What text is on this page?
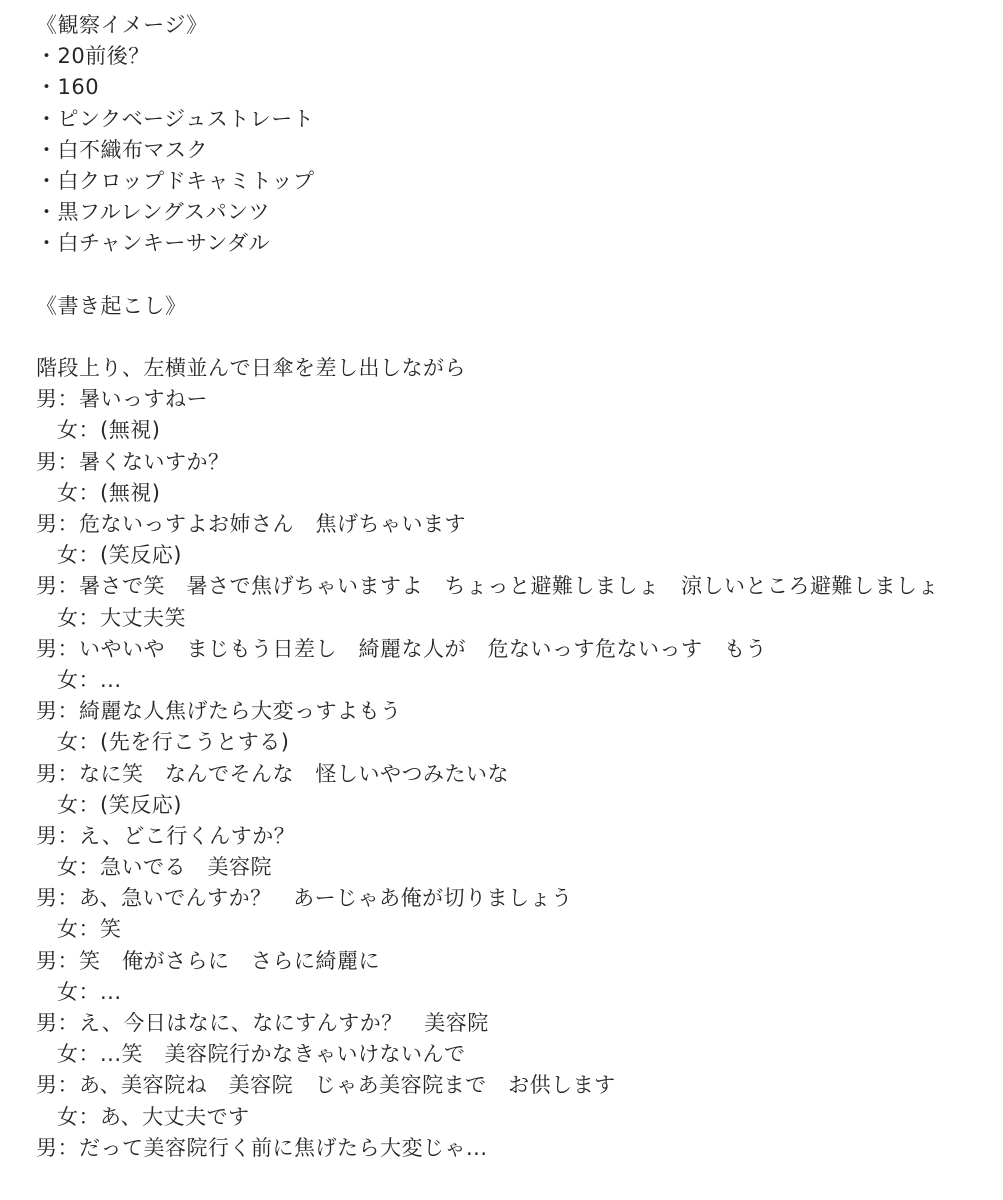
《観察イメージ》
・20前後？
・160
・ピンクベージュストレート
・白不織布マスク
・白クロップドキャミトップ
・黒フルレングスパンツ
・白チャンキーサンダル
《書き起こし》
階段上り、左横並んで日傘を差し出しながら
男：暑いっすねー
女：(無視)
男：暑くないすか？
女：(無視)
男：危ないっすよお姉さん　焦げちゃいます
女：(笑反応)
男：暑さで笑　暑さで焦げちゃいますよ　ちょっと避難しましょ　涼しいところ避難しましょ
女：大丈夫笑
男：いやいや　まじもう日差し　綺麗な人が　危ないっす危ないっす　もう
女：...
男：綺麗な人焦げたら大変っすよもう
女：(先を行こうとする)
男：なに笑　なんでそんな　怪しいやつみたいな
女：(笑反応)
男：え、どこ行くんすか？
女：急いでる　美容院
男：あ、急いでんすか？　あーじゃあ俺が切りましょう
女：笑
男：笑　俺がさらに　さらに綺麗に
女：...
男：え、今日はなに、なにすんすか？　美容院
女：...笑　美容院行かなきゃいけないんで
男：あ、美容院ね　美容院　じゃあ美容院まで　お供します
女：あ、大丈夫です
男：だって美容院行く前に焦げたら大変じゃ...
